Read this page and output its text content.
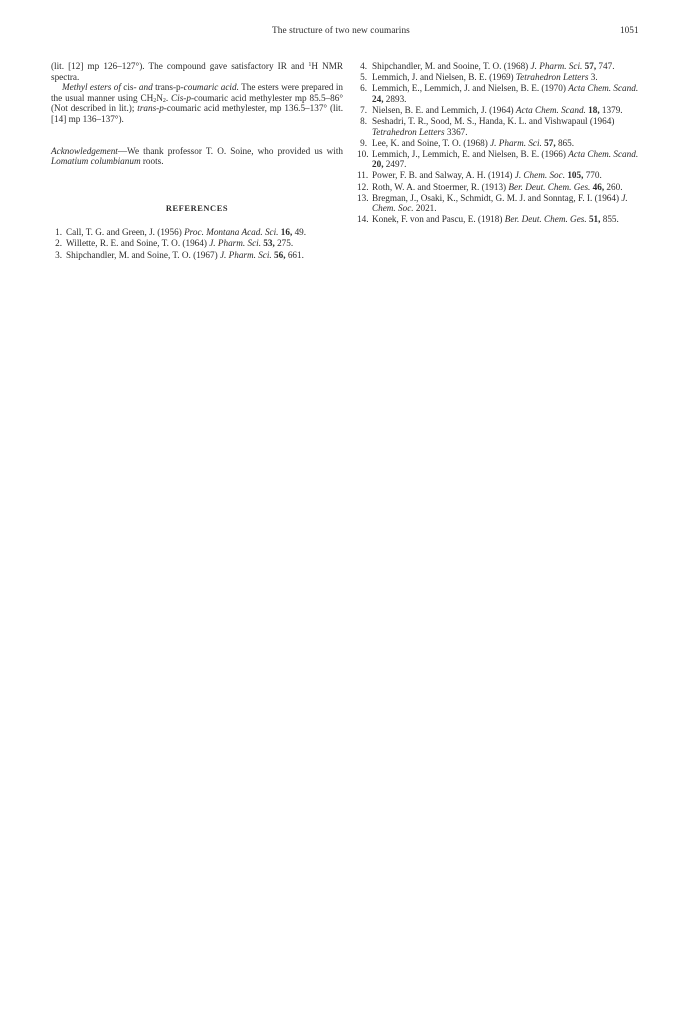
The structure of two new coumarins	1051

(lit. [12] mp 126–127°). The compound gave satisfactory IR and $^1$H NMR spectra.

Methyl esters of cis- and trans-p-coumaric acid. The esters were prepared in the usual manner using $CH_2N_2$. Cis-p-coumaric acid methylester mp 85.5–86° (Not described in lit.); trans-p-coumaric acid methylester, mp 136.5–137° (lit. [14] mp 136–137°).

Acknowledgement—We thank professor T. O. Soine, who provided us with Lomatium columbianum roots.

REFERENCES
1. Call, T. G. and Green, J. (1956) Proc. Montana Acad. Sci. 16, 49.
2. Willette, R. E. and Soine, T. O. (1964) J. Pharm. Sci. 53, 275.
3. Shipchandler, M. and Soine, T. O. (1967) J. Pharm. Sci. 56, 661.
4. Shipchandler, M. and Sooine, T. O. (1968) J. Pharm. Sci. 57, 747.
5. Lemmich, J. and Nielsen, B. E. (1969) Tetrahedron Letters 3.
6. Lemmich, E., Lemmich, J. and Nielsen, B. E. (1970) Acta Chem. Scand. 24, 2893.
7. Nielsen, B. E. and Lemmich, J. (1964) Acta Chem. Scand. 18, 1379.
8. Seshadri, T. R., Sood, M. S., Handa, K. L. and Vishwapaul (1964) Tetrahedron Letters 3367.
9. Lee, K. and Soine, T. O. (1968) J. Pharm. Sci. 57, 865.
10. Lemmich, J., Lemmich, E. and Nielsen, B. E. (1966) Acta Chem. Scand. 20, 2497.
11. Power, F. B. and Salway, A. H. (1914) J. Chem. Soc. 105, 770.
12. Roth, W. A. and Stoermer, R. (1913) Ber. Deut. Chem. Ges. 46, 260.
13. Bregman, J., Osaki, K., Schmidt, G. M. J. and Sonntag, F. I. (1964) J. Chem. Soc. 2021.
14. Konek, F. von and Pascu, E. (1918) Ber. Deut. Chem. Ges. 51, 855.
